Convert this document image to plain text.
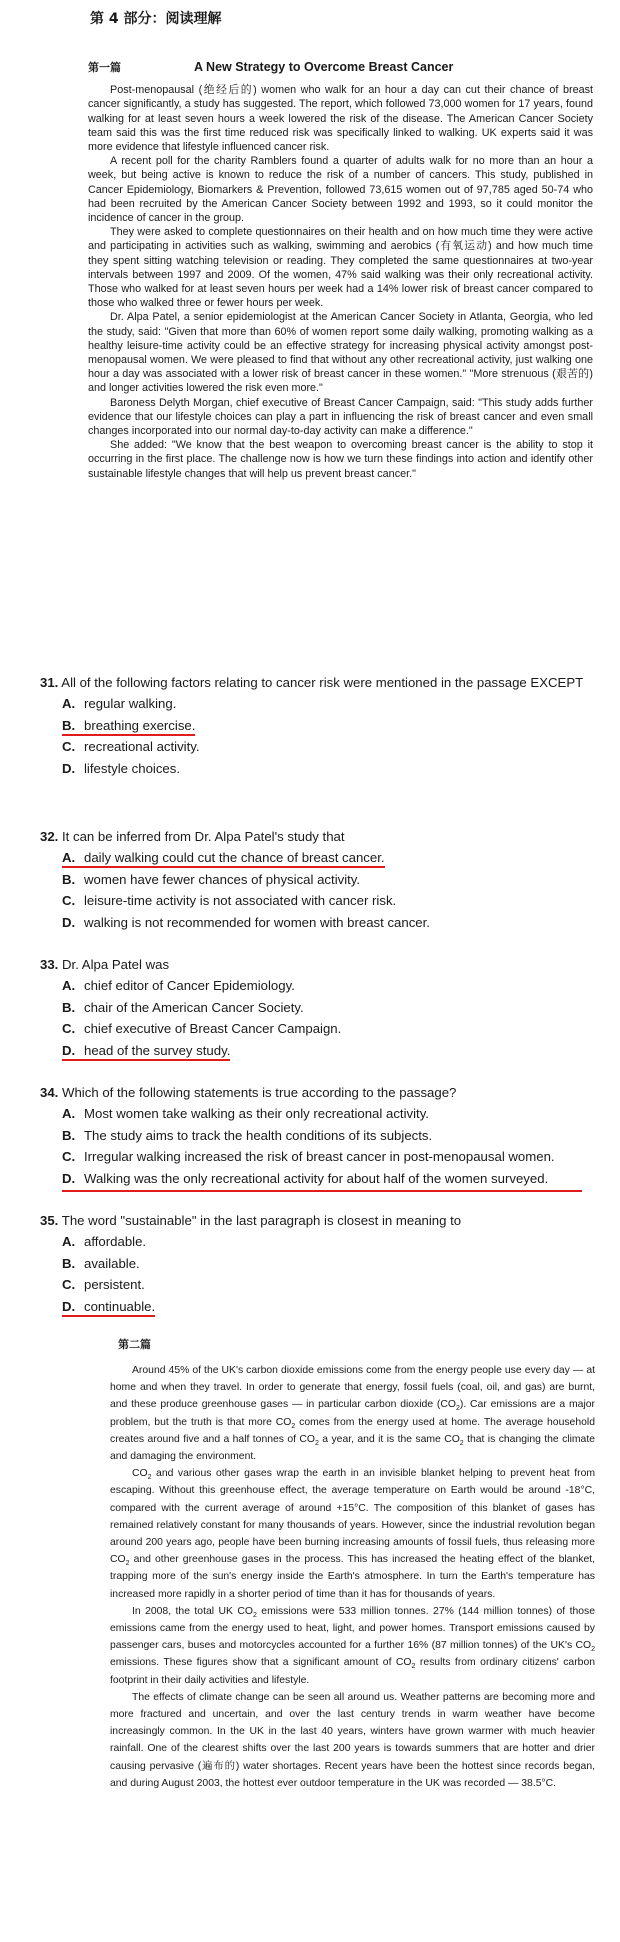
第 4 部分：阅读理解

第一篇	A New Strategy to Overcome Breast Cancer

Post-menopausal (绝经后的) women who walk for an hour a day can cut their chance of breast cancer significantly, a study has suggested. The report, which followed 73,000 women for 17 years, found walking for at least seven hours a week lowered the risk of the disease. The American Cancer Society team said this was the first time reduced risk was specifically linked to walking. UK experts said it was more evidence that lifestyle influenced cancer risk.

A recent poll for the charity Ramblers found a quarter of adults walk for no more than an hour a week, but being active is known to reduce the risk of a number of cancers. This study, published in Cancer Epidemiology, Biomarkers & Prevention, followed 73,615 women out of 97,785 aged 50-74 who had been recruited by the American Cancer Society between 1992 and 1993, so it could monitor the incidence of cancer in the group.

They were asked to complete questionnaires on their health and on how much time they were active and participating in activities such as walking, swimming and aerobics (有氧运动) and how much time they spent sitting watching television or reading. They completed the same questionnaires at two-year intervals between 1997 and 2009. Of the women, 47% said walking was their only recreational activity. Those who walked for at least seven hours per week had a 14% lower risk of breast cancer compared to those who walked three or fewer hours per week.

Dr. Alpa Patel, a senior epidemiologist at the American Cancer Society in Atlanta, Georgia, who led the study, said: "Given that more than 60% of women report some daily walking, promoting walking as a healthy leisure-time activity could be an effective strategy for increasing physical activity amongst post-menopausal women. We were pleased to find that without any other recreational activity, just walking one hour a day was associated with a lower risk of breast cancer in these women." "More strenuous (艰苦的) and longer activities lowered the risk even more."

Baroness Delyth Morgan, chief executive of Breast Cancer Campaign, said: "This study adds further evidence that our lifestyle choices can play a part in influencing the risk of breast cancer and even small changes incorporated into our normal day-to-day activity can make a difference."

She added: "We know that the best weapon to overcoming breast cancer is the ability to stop it occurring in the first place. The challenge now is how we turn these findings into action and identify other sustainable lifestyle changes that will help us prevent breast cancer."

31. All of the following factors relating to cancer risk were mentioned in the passage EXCEPT

A. regular walking.

B. breathing exercise.

C. recreational activity.

D. lifestyle choices.

32. It can be inferred from Dr. Alpa Patel's study that

A. daily walking could cut the chance of breast cancer.

B. women have fewer chances of physical activity.

C. leisure-time activity is not associated with cancer risk.

D. walking is not recommended for women with breast cancer.

33. Dr. Alpa Patel was

A. chief editor of Cancer Epidemiology.

B. chair of the American Cancer Society.

C. chief executive of Breast Cancer Campaign.

D. head of the survey study.

34. Which of the following statements is true according to the passage?

A. Most women take walking as their only recreational activity.

B. The study aims to track the health conditions of its subjects.

C. Irregular walking increased the risk of breast cancer in post-menopausal women.

D. Walking was the only recreational activity for about half of the women surveyed.

35. The word "sustainable" in the last paragraph is closest in meaning to

A. affordable.

B. available.

C. persistent.

D. continuable.

第二篇

Around 45% of the UK's carbon dioxide emissions come from the energy people use every day — at home and when they travel. In order to generate that energy, fossil fuels (coal, oil, and gas) are burnt, and these produce greenhouse gases — in particular carbon dioxide $(CO_2)$. Car emissions are a major problem, but the truth is that more $CO_2$ comes from the energy used at home. The average household creates around five and a half tonnes of $CO_2$ a year, and it is the same $CO_2$ that is changing the climate and damaging the environment.

$CO_2$ and various other gases wrap the earth in an invisible blanket helping to prevent heat from escaping. Without this greenhouse effect, the average temperature on Earth would be around -18°C, compared with the current average of around +15°C. The composition of this blanket of gases has remained relatively constant for many thousands of years. However, since the industrial revolution began around 200 years ago, people have been burning increasing amounts of fossil fuels, thus releasing more $CO_2$ and other greenhouse gases in the process. This has increased the heating effect of the blanket, trapping more of the sun's energy inside the Earth's atmosphere. In turn the Earth's temperature has increased more rapidly in a shorter period of time than it has for thousands of years.

In 2008, the total UK $CO_2$ emissions were 533 million tonnes. 27% (144 million tonnes) of those emissions came from the energy used to heat, light, and power homes. Transport emissions caused by passenger cars, buses and motorcycles accounted for a further 16% (87 million tonnes) of the UK's $CO_2$ emissions. These figures show that a significant amount of $CO_2$ results from ordinary citizens' carbon footprint in their daily activities and lifestyle.

The effects of climate change can be seen all around us. Weather patterns are becoming more and more fractured and uncertain, and over the last century trends in warm weather have become increasingly common. In the UK in the last 40 years, winters have grown warmer with much heavier rainfall. One of the clearest shifts over the last 200 years is towards summers that are hotter and drier causing pervasive (遍布的) water shortages. Recent years have been the hottest since records began, and during August 2003, the hottest ever outdoor temperature in the UK was recorded — 38.5°C.
